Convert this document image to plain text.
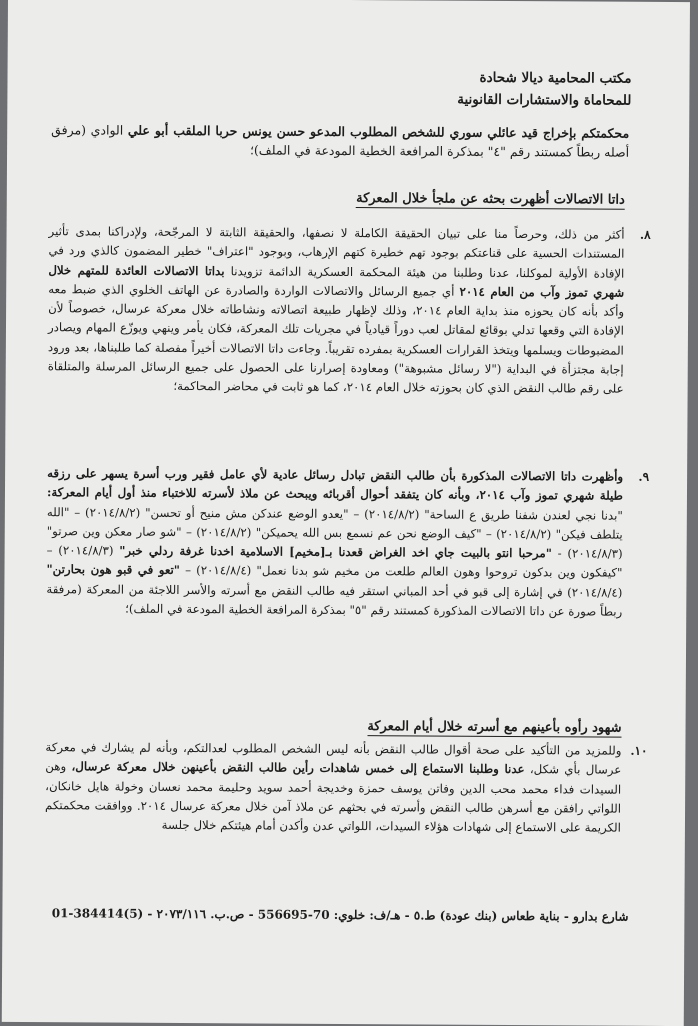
مكتب المحامية ديالا شحادة
للمحاماة والاستشارات القانونية
محكمتكم بإخراج قيد عائلي سوري للشخص المطلوب المدعو حسن يونس حربا الملقب أبو علي الوادي (مرفق أصله ربطاً كمستند رقم "٤" بمذكرة المرافعة الخطية المودعة في الملف)؛
داتا الاتصالات أظهرت بحثه عن ملجأ خلال المعركة
٨.
أكثر من ذلك، وحرصاً منا على تبيان الحقيقة الكاملة لا نصفها، والحقيقة الثابتة لا المرجّحة، ولإدراكنا بمدى تأثير المستندات الحسية على قناعتكم بوجود تهم خطيرة كتهم الإرهاب، وبوجود "اعتراف" خطير المضمون كالذي ورد في الإفادة الأولية لموكلنا، عدنا وطلبنا من هيئة المحكمة العسكرية الدائمة تزويدنا بداتا الاتصالات العائدة للمتهم خلال شهري تموز وآب من العام ٢٠١٤ أي جميع الرسائل والاتصالات الواردة والصادرة عن الهاتف الخلوي الذي ضبط معه وأكد بأنه كان يحوزه منذ بداية العام ٢٠١٤، وذلك لإظهار طبيعة اتصالاته ونشاطاته خلال معركة عرسال، خصوصاً لأن الإفادة التي وقعها تدلي بوقائع لمقاتل لعب دوراً قيادياً في مجريات تلك المعركة، فكان يأمر وينهي ويوزّع المهام ويصادر المضبوطات ويسلمها ويتخذ القرارات العسكرية بمفرده تقريباً. وجاءت داتا الاتصالات أخيراً مفصلة كما طلبناها، بعد ورود إجابة مجتزأة في البداية ("لا رسائل مشبوهة") ومعاودة إصرارنا على الحصول على جميع الرسائل المرسلة والمتلقاة على رقم طالب النقض الذي كان بحوزته خلال العام ٢٠١٤، كما هو ثابت في محاضر المحاكمة؛
٩.
وأظهرت داتا الاتصالات المذكورة بأن طالب النقض تبادل رسائل عادية لأي عامل فقير ورب أسرة يسهر على رزقه طيلة شهري تموز وآب ٢٠١٤، وبأنه كان يتفقد أحوال أقربائه ويبحث عن ملاذ لأسرته للاختباء منذ أول أيام المعركة: "بدنا نجي لعندن شفنا طريق ع الساحة" (٢٠١٤/٨/٢) – "يعدو الوضع عندكن مش منيح أو تحسن" (٢٠١٤/٨/٢) – "الله يتلطف فيكن" (٢٠١٤/٨/٢) – "كيف الوضع نحن عم نسمع بس الله يحميكن" (٢٠١٤/٨/٢) – "شو صار معكن وين صرتو" (٢٠١٤/٨/٣) - "مرحبا انتو بالبيت جاي اخد الغراض قعدنا بـ[مخيم] الاسلامية اخدنا غرفة ردلي خبر" (٢٠١٤/٨/٣) – "كيفكون وين بدكون تروحوا وهون العالم طلعت من مخيم شو بدنا نعمل" (٢٠١٤/٨/٤) – "تعو في قبو هون بحارتن" (٢٠١٤/٨/٤) في إشارة إلى قبو في أحد المباني استقر فيه طالب النقض مع أسرته والأسر اللاجئة من المعركة (مرفقة ربطاً صورة عن داتا الاتصالات المذكورة كمستند رقم "٥" بمذكرة المرافعة الخطية المودعة في الملف)؛
شهود رأوه بأعينهم مع أسرته خلال أيام المعركة
١٠.
وللمزيد من التأكيد على صحة أقوال طالب النقض بأنه ليس الشخص المطلوب لعدالتكم، وبأنه لم يشارك في معركة عرسال بأي شكل، عدنا وطلبنا الاستماع إلى خمس شاهدات رأين طالب النقض بأعينهن خلال معركة عرسال، وهن السيدات فداء محمد محب الدين وفاتن يوسف حمزة وخديجة أحمد سويد وحليمة محمد نعسان وخولة هايل خانكان، اللواتي رافقن مع أسرهن طالب النقض وأسرته في بحثهم عن ملاذ آمن خلال معركة عرسال ٢٠١٤. ووافقت محكمتكم الكريمة على الاستماع إلى شهادات هؤلاء السيدات، اللواتي عدن وأكدن أمام هيئتكم خلال جلسة
شارع بدارو - بناية طعاس (بنك عودة) ط.٥ - هـ/ف: 01-384414(5) - خلوي: 70-556695 - ص.ب. ٢٠٧٣/١١٦
